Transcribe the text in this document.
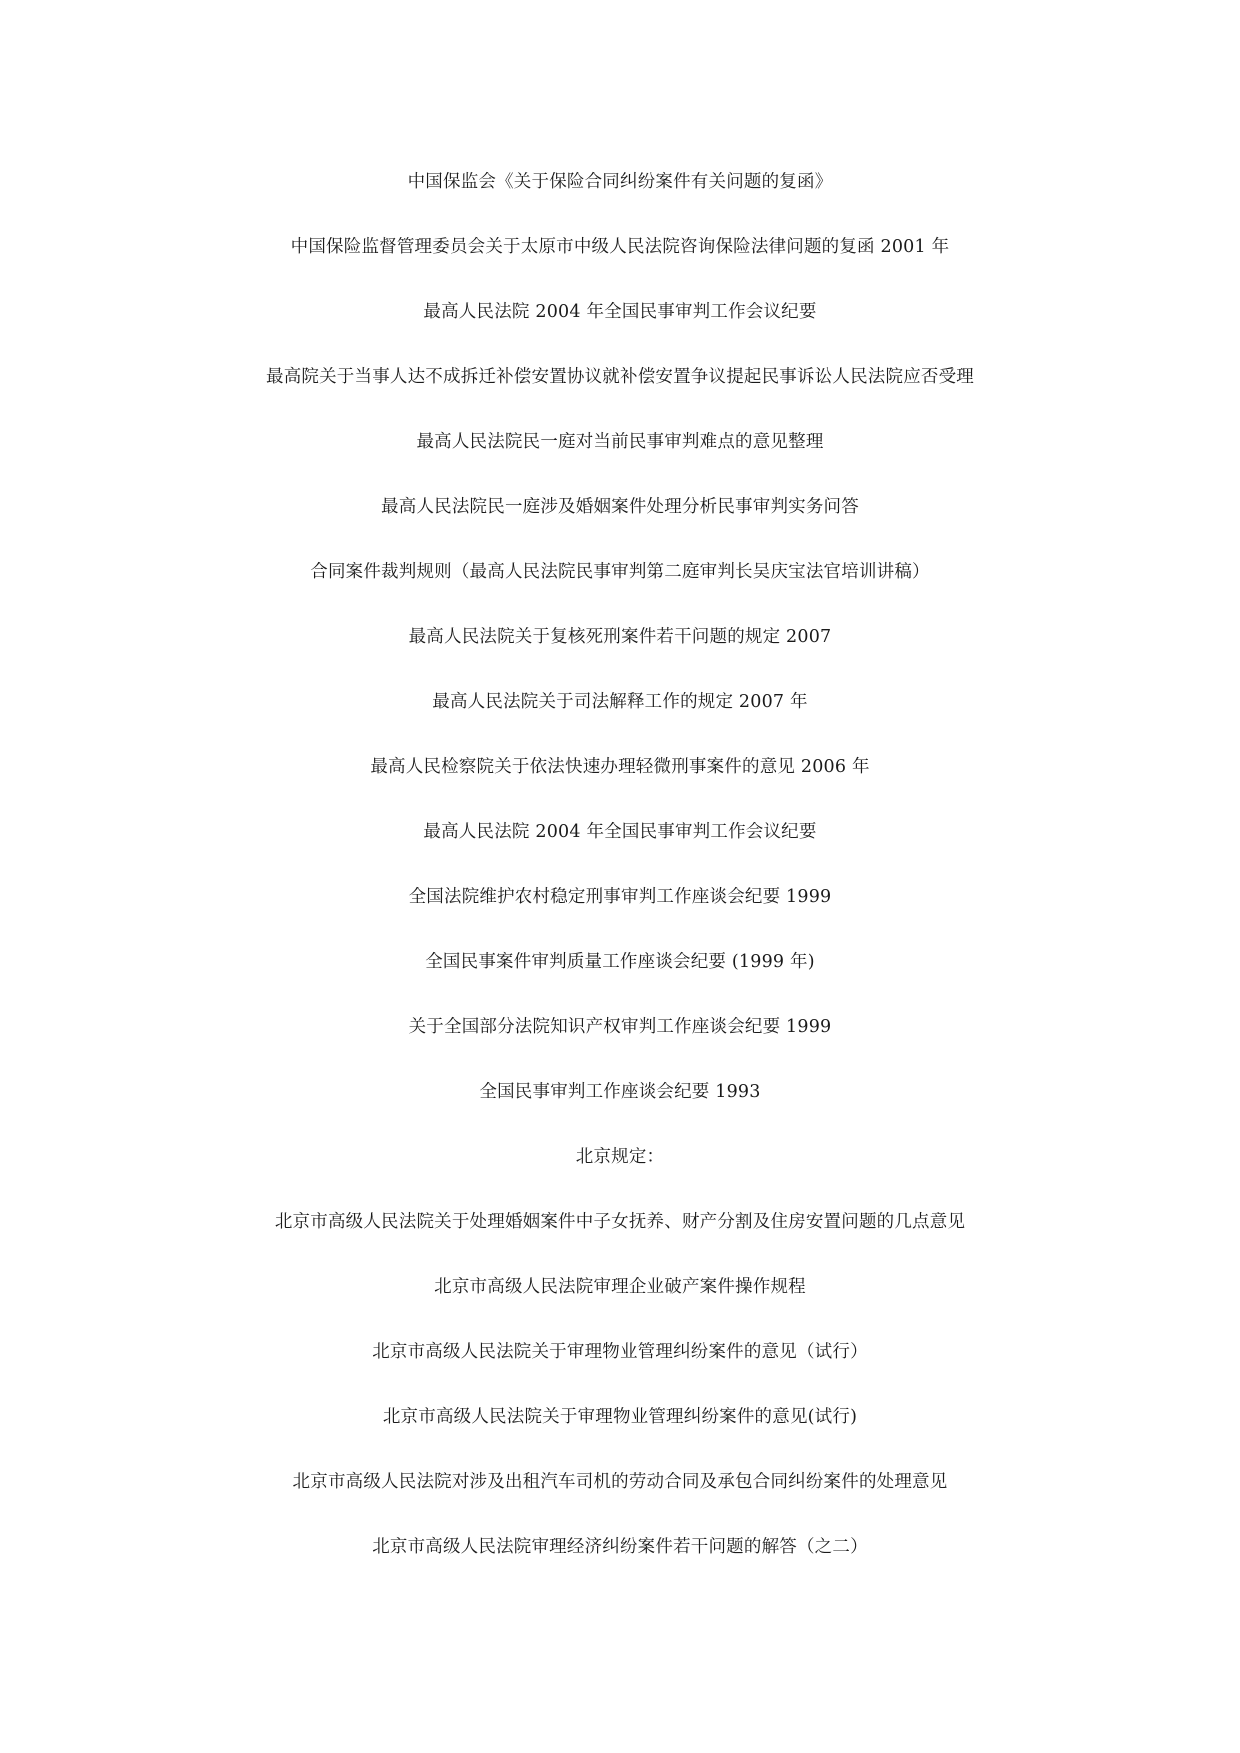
中国保监会《关于保险合同纠纷案件有关问题的复函》
中国保险监督管理委员会关于太原市中级人民法院咨询保险法律问题的复函 2001 年
最高人民法院 2004 年全国民事审判工作会议纪要
最高院关于当事人达不成拆迁补偿安置协议就补偿安置争议提起民事诉讼人民法院应否受理
最高人民法院民一庭对当前民事审判难点的意见整理
最高人民法院民一庭涉及婚姻案件处理分析民事审判实务问答
合同案件裁判规则（最高人民法院民事审判第二庭审判长吴庆宝法官培训讲稿）
最高人民法院关于复核死刑案件若干问题的规定 2007
最高人民法院关于司法解释工作的规定 2007 年
最高人民检察院关于依法快速办理轻微刑事案件的意见 2006 年
最高人民法院 2004 年全国民事审判工作会议纪要
全国法院维护农村稳定刑事审判工作座谈会纪要 1999
全国民事案件审判质量工作座谈会纪要 (1999 年)
关于全国部分法院知识产权审判工作座谈会纪要 1999
全国民事审判工作座谈会纪要 1993
北京规定：
北京市高级人民法院关于处理婚姻案件中子女抚养、财产分割及住房安置问题的几点意见
北京市高级人民法院审理企业破产案件操作规程
北京市高级人民法院关于审理物业管理纠纷案件的意见（试行）
北京市高级人民法院关于审理物业管理纠纷案件的意见(试行)
北京市高级人民法院对涉及出租汽车司机的劳动合同及承包合同纠纷案件的处理意见
北京市高级人民法院审理经济纠纷案件若干问题的解答（之二）
